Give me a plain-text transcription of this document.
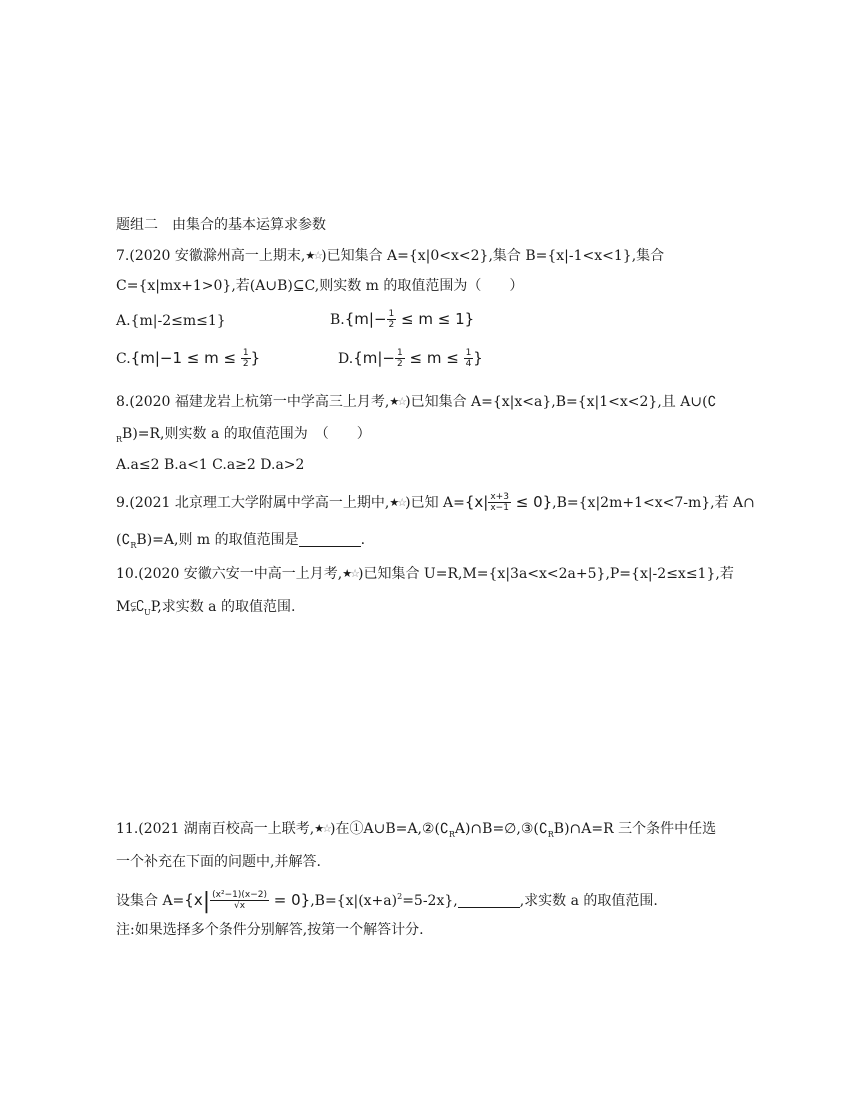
题组二　由集合的基本运算求参数
7.(2020 安徽滁州高一上期末,★☆)已知集合 A={x|0<x<2},集合 B={x|-1<x<1},集合
C={x|mx+1>0},若(A∪B)⊆C,则实数 m 的取值范围为（　　）
A.{m|-2≤m≤1}	$B.\{m|- \frac{1}{2} \le m \le 1\}$
$C.\{m|-1 \le m \le \frac{1}{2}$ }	$D.\{m|- \frac{1}{2} \le m \le \frac{1}{4}$ }
8.(2020 福建龙岩上杭第一中学高三上月考,★☆)已知集合 A={x|x<a},B={x|1<x<2},且 A∪(∁
$_R$B)=R,则实数 a 的取值范围为　（　　）
A.a≤2 B.a<1 C.a≥2 D.a>2
9.(2021 北京理工大学附属中学高一上期中,★☆)已知 $A=\{x| \frac{x+3}{x-1} \le 0\},B=\{x|2m+1<x<7-m\}$,若 A∩
$(∁_RB)=A$,则 m 的取值范围是	.
10.(2020 安徽六安一中高一上月考,★☆)已知集合 U=R,M={x|3a<x<2a+5},P={x|-2≤x≤1},若
$M⫋∁_UP$,求实数 a 的取值范围.
11.(2021 湖南百校高一上联考,★☆)在$①A\cup B=A,②(∁_RA)\cap B=\emptyset,③(∁_RB)\cap A=R$ 三个条件中任选
一个补充在下面的问题中,并解答.
设集合 $A=\{x| \frac{\text{(x²−1)(x−2)}}{√x} = 0\},B=\{x|(x+a)^2=5-2x\}$,	,求实数 a 的取值范围.
注:如果选择多个条件分别解答,按第一个解答计分.
